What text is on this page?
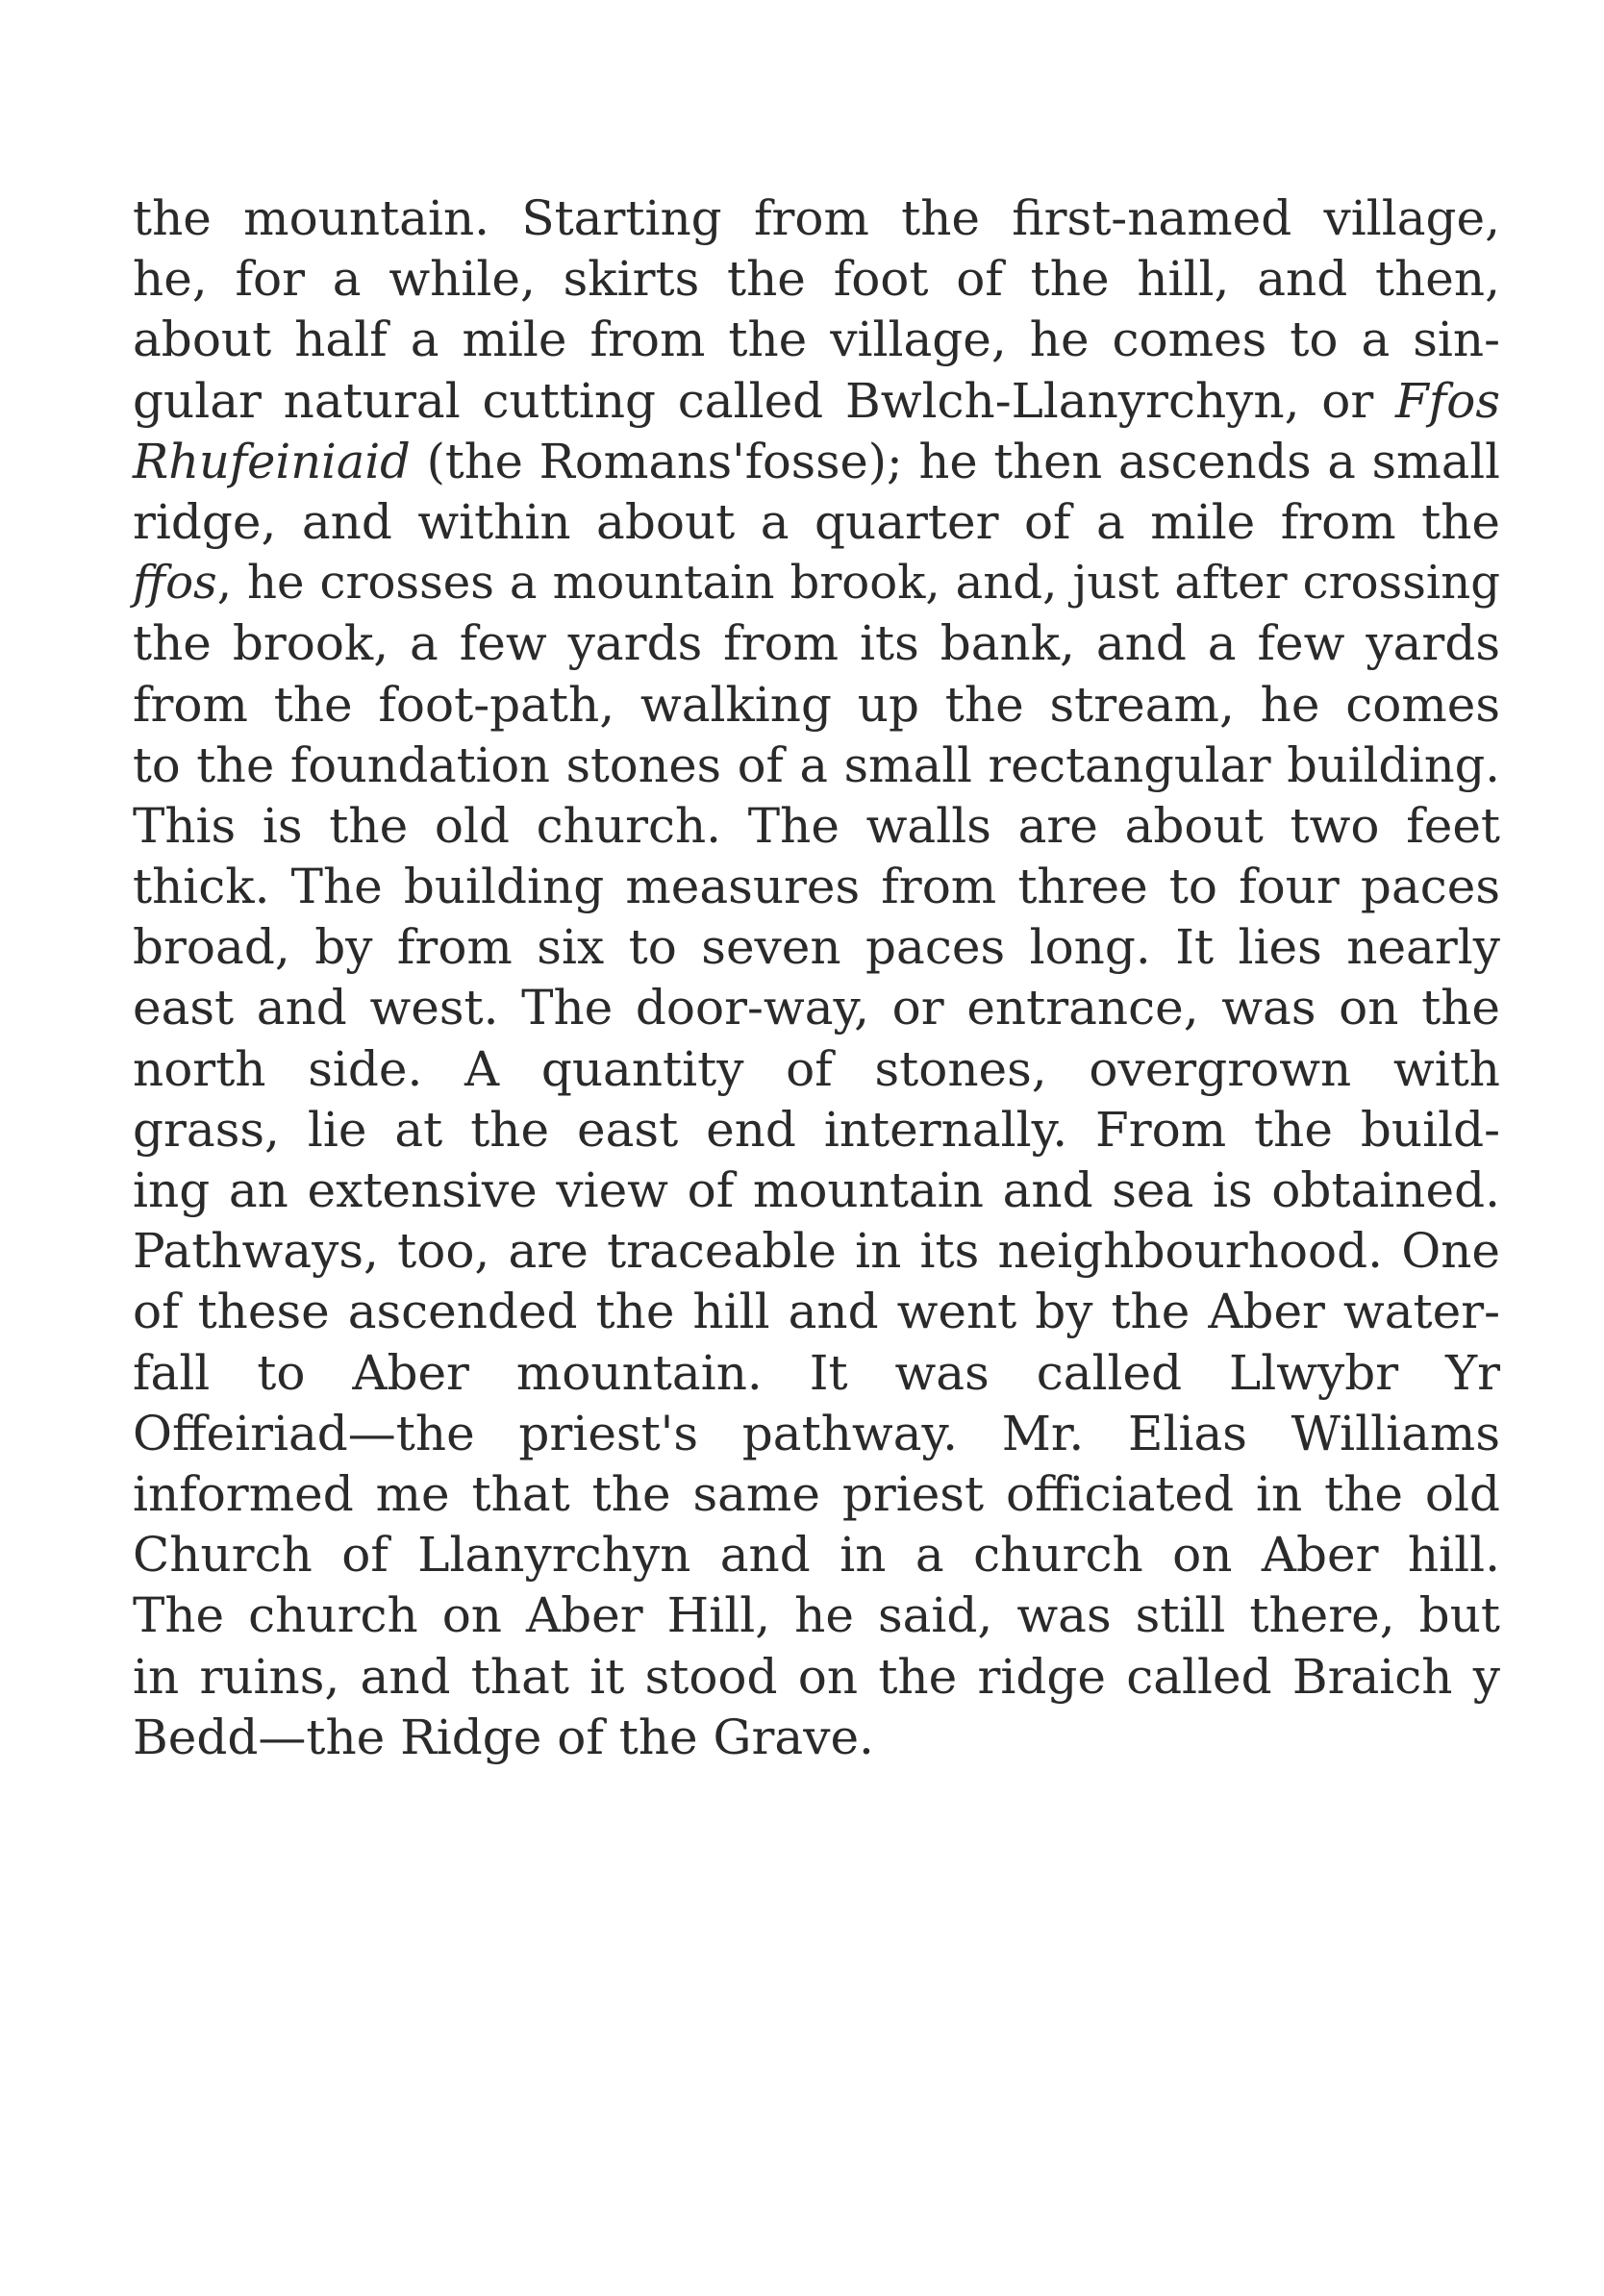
the mountain. Starting from the first-named village,
he, for a while, skirts the foot of the hill, and then,
about half a mile from the village, he comes to a sin-
gular natural cutting called Bwlch-Llanyrchyn, or Ffos
Rhufeiniaid (the Romans'fosse); he then ascends a small
ridge, and within about a quarter of a mile from the
ffos, he crosses a mountain brook, and, just after crossing
the brook, a few yards from its bank, and a few yards
from the foot-path, walking up the stream, he comes
to the foundation stones of a small rectangular building.
This is the old church. The walls are about two feet
thick. The building measures from three to four paces
broad, by from six to seven paces long. It lies nearly
east and west. The door-way, or entrance, was on the
north side. A quantity of stones, overgrown with
grass, lie at the east end internally. From the build-
ing an extensive view of mountain and sea is obtained.
Pathways, too, are traceable in its neighbourhood. One
of these ascended the hill and went by the Aber water-
fall to Aber mountain. It was called Llwybr Yr
Offeiriad—the priest's pathway. Mr. Elias Williams
informed me that the same priest officiated in the old
Church of Llanyrchyn and in a church on Aber hill.
The church on Aber Hill, he said, was still there, but
in ruins, and that it stood on the ridge called Braich y
Bedd—the Ridge of the Grave.
